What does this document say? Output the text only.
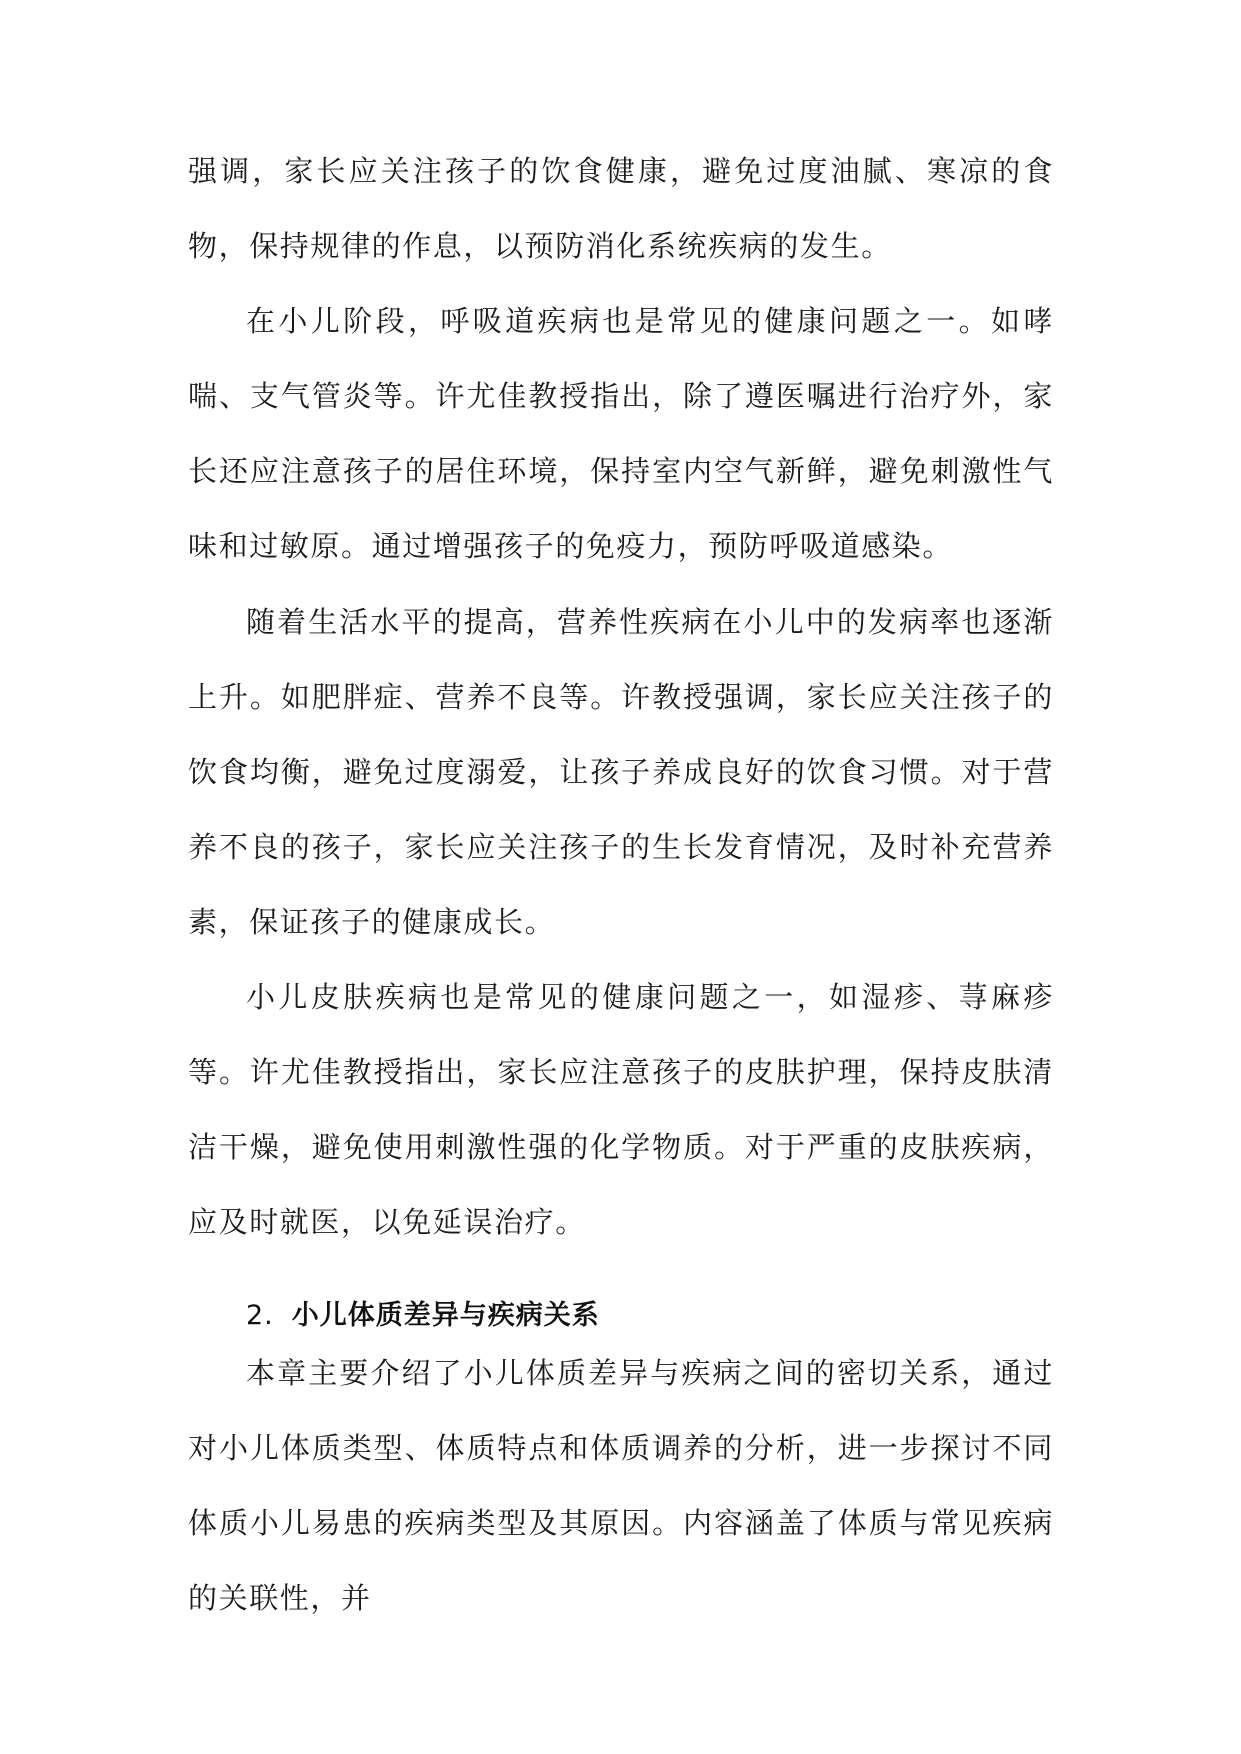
强调，家长应关注孩子的饮食健康，避免过度油腻、寒凉的食物，保持规律的作息，以预防消化系统疾病的发生。

在小儿阶段，呼吸道疾病也是常见的健康问题之一。如哮喘、支气管炎等。许尤佳教授指出，除了遵医嘱进行治疗外，家长还应注意孩子的居住环境，保持室内空气新鲜，避免刺激性气味和过敏原。通过增强孩子的免疫力，预防呼吸道感染。

随着生活水平的提高，营养性疾病在小儿中的发病率也逐渐上升。如肥胖症、营养不良等。许教授强调，家长应关注孩子的饮食均衡，避免过度溺爱，让孩子养成良好的饮食习惯。对于营养不良的孩子，家长应关注孩子的生长发育情况，及时补充营养素，保证孩子的健康成长。

小儿皮肤疾病也是常见的健康问题之一，如湿疹、荨麻疹等。许尤佳教授指出，家长应注意孩子的皮肤护理，保持皮肤清洁干燥，避免使用刺激性强的化学物质。对于严重的皮肤疾病，应及时就医，以免延误治疗。

2. 小儿体质差异与疾病关系

本章主要介绍了小儿体质差异与疾病之间的密切关系，通过对小儿体质类型、体质特点和体质调养的分析，进一步探讨不同体质小儿易患的疾病类型及其原因。内容涵盖了体质与常见疾病的关联性，并
